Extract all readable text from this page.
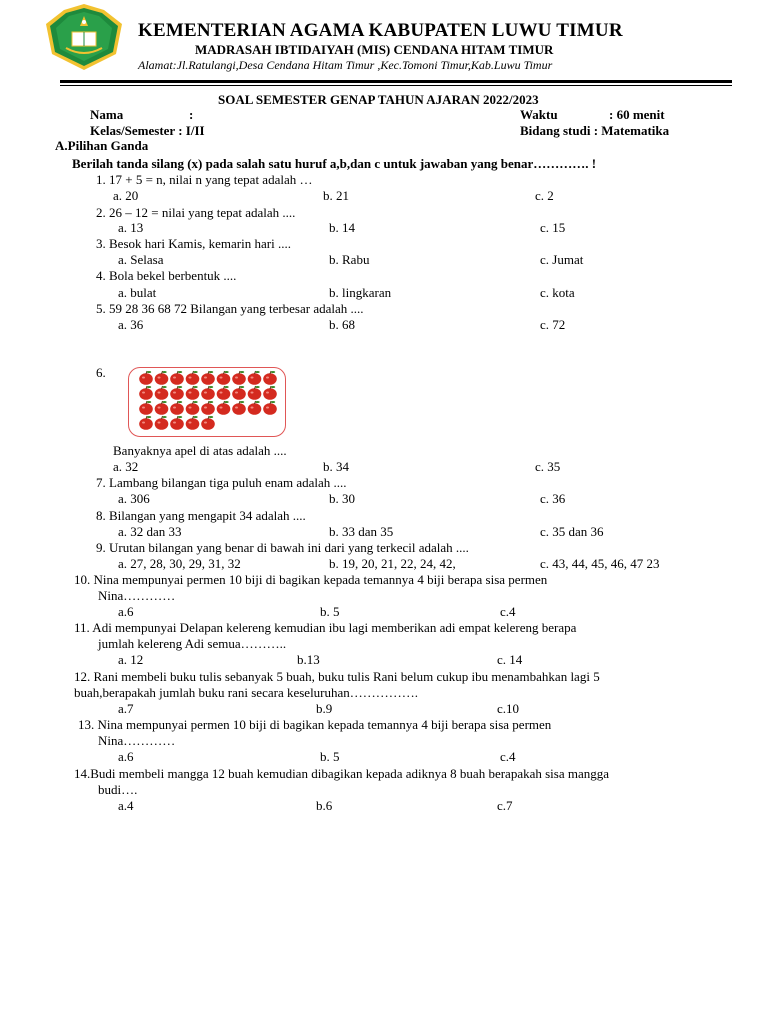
KEMENTERIAN AGAMA KABUPATEN LUWU TIMUR
MADRASAH IBTIDAIYAH (MIS) CENDANA HITAM TIMUR
Alamat:Jl.Ratulangi,Desa Cendana Hitam Timur ,Kec.Tomoni Timur,Kab.Luwu Timur
SOAL SEMESTER GENAP TAHUN AJARAN 2022/2023
Nama	:	Waktu	: 60 menit
Kelas/Semester : I/II	Bidang studi : Matematika
A.Pilihan Ganda
Berilah tanda silang (x) pada salah satu huruf a,b,dan c untuk jawaban yang benar…………. !
1. 17 + 5 = n, nilai n yang tepat adalah …
a. 20	b. 21	c. 2
2. 26 – 12 = nilai yang tepat adalah ....
a. 13	b. 14	c. 15
3. Besok hari Kamis, kemarin hari ....
a. Selasa	b. Rabu	c. Jumat
4. Bola bekel berbentuk ....
a. bulat	b. lingkaran	c. kota
5. 59 28 36 68 72 Bilangan yang terbesar adalah ....
a. 36	b. 68	c. 72
6.
Banyaknya apel di atas adalah ....
a. 32	b. 34	c. 35
7. Lambang bilangan tiga puluh enam adalah ....
a. 306	b. 30	c. 36
8. Bilangan yang mengapit 34 adalah ....
a. 32 dan 33	b. 33 dan 35	c. 35 dan 36
9. Urutan bilangan yang benar di bawah ini dari yang terkecil adalah ....
a. 27, 28, 30, 29, 31, 32	b. 19, 20, 21, 22, 24, 42,	c. 43, 44, 45, 46, 47 23
10. Nina mempunyai permen 10 biji di bagikan kepada temannya 4 biji berapa sisa permen
Nina…………
a.6	b. 5	c.4
11. Adi mempunyai Delapan kelereng kemudian ibu lagi memberikan adi empat kelereng berapa
jumlah kelereng Adi semua………..
a. 12	b.13	c. 14
12. Rani membeli buku tulis sebanyak 5 buah, buku tulis Rani belum cukup ibu menambahkan lagi 5
buah,berapakah jumlah buku rani secara keseluruhan…………….
a.7	b.9	c.10
13. Nina mempunyai permen 10 biji di bagikan kepada temannya 4 biji berapa sisa permen
Nina…………
a.6	b. 5	c.4
14.Budi membeli mangga 12 buah kemudian dibagikan kepada adiknya 8 buah berapakah sisa mangga
budi….
a.4	b.6	c.7
